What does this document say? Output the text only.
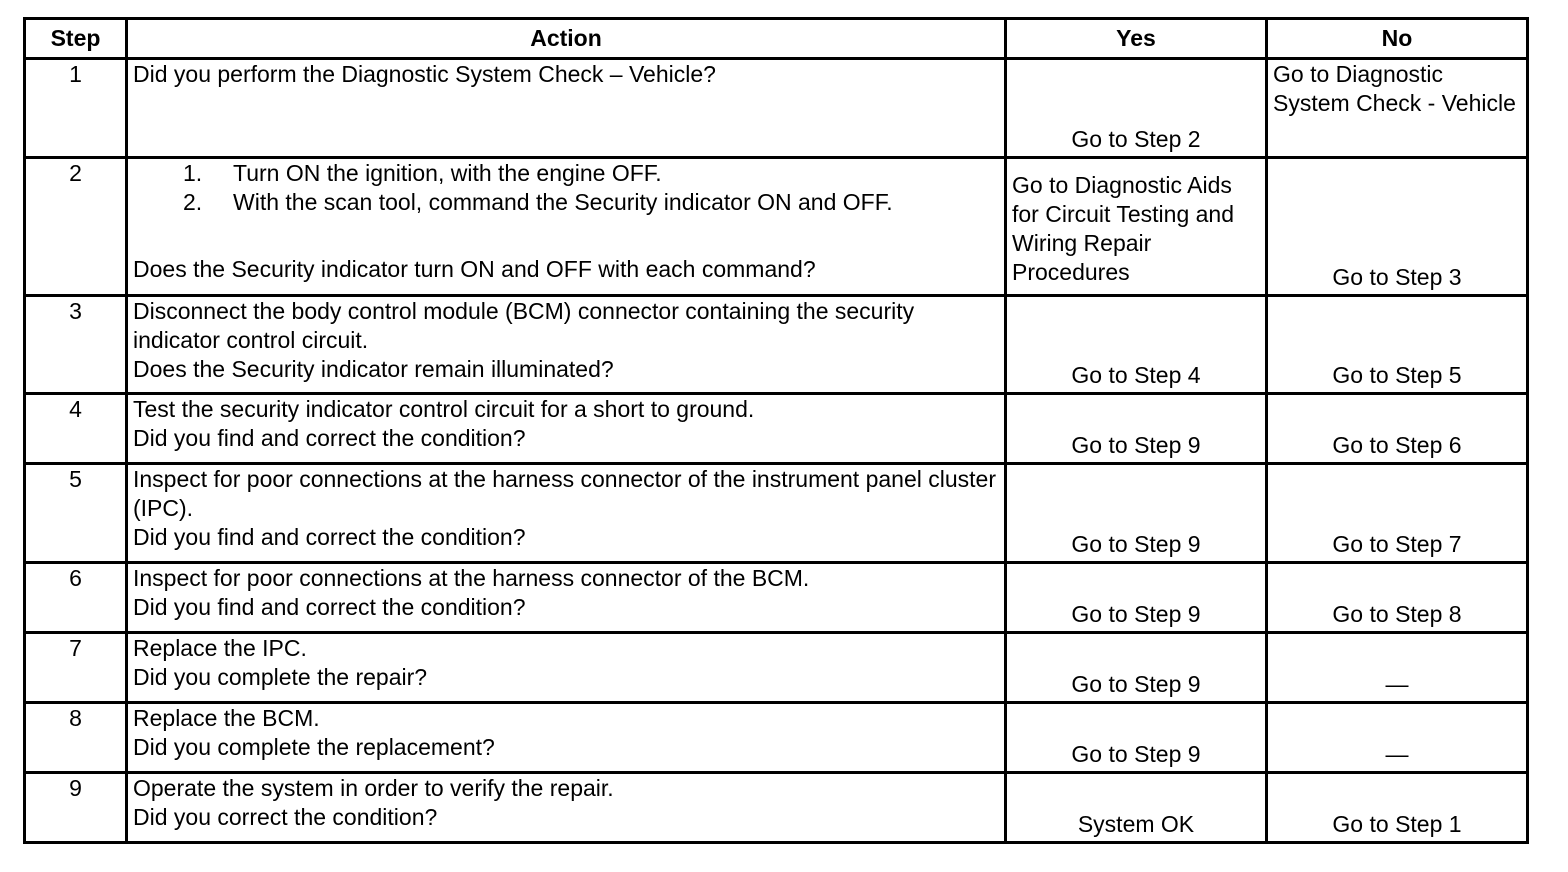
Step	Action	Yes	No
1	Did you perform the Diagnostic System Check – Vehicle?	Go to Step 2	Go to Diagnostic System Check - Vehicle

2	1. Turn ON the ignition, with the engine OFF.
2. With the scan tool, command the Security indicator ON and OFF.
Does the Security indicator turn ON and OFF with each command?	Go to Diagnostic Aids for Circuit Testing and Wiring Repair Procedures	Go to Step 3

3	Disconnect the body control module (BCM) connector containing the security indicator control circuit.
Does the Security indicator remain illuminated?	Go to Step 4	Go to Step 5

4	Test the security indicator control circuit for a short to ground.
Did you find and correct the condition?	Go to Step 9	Go to Step 6

5	Inspect for poor connections at the harness connector of the instrument panel cluster (IPC).
Did you find and correct the condition?	Go to Step 9	Go to Step 7

6	Inspect for poor connections at the harness connector of the BCM.
Did you find and correct the condition?	Go to Step 9	Go to Step 8

7	Replace the IPC.
Did you complete the repair?	Go to Step 9	—

8	Replace the BCM.
Did you complete the replacement?	Go to Step 9	—

9	Operate the system in order to verify the repair.
Did you correct the condition?	System OK	Go to Step 1
